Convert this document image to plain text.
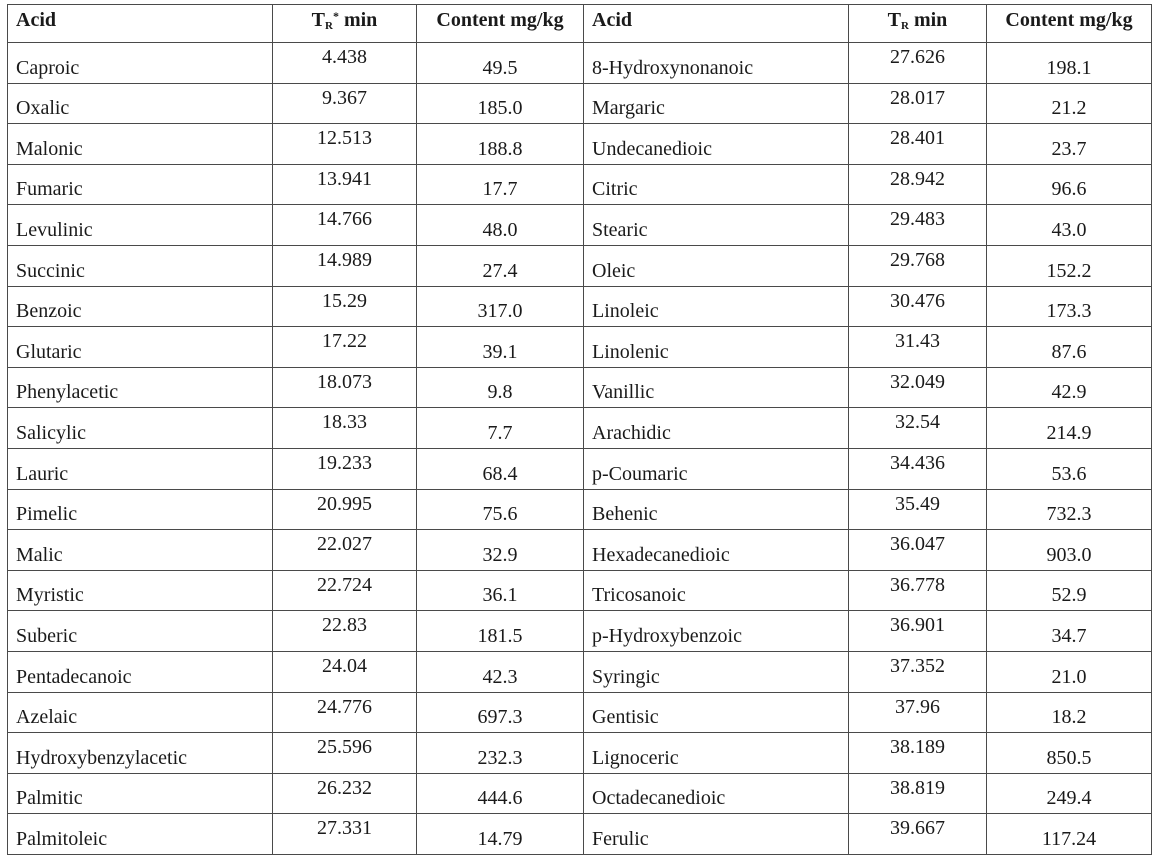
Acid	$T_R^*$ min	Content mg/kg	Acid	$T_R$ min	Content mg/kg
Caproic	4.438	49.5	8-Hydroxynonanoic	27.626	198.1
Oxalic	9.367	185.0	Margaric	28.017	21.2
Malonic	12.513	188.8	Undecanedioic	28.401	23.7
Fumaric	13.941	17.7	Citric	28.942	96.6
Levulinic	14.766	48.0	Stearic	29.483	43.0
Succinic	14.989	27.4	Oleic	29.768	152.2
Benzoic	15.29	317.0	Linoleic	30.476	173.3
Glutaric	17.22	39.1	Linolenic	31.43	87.6
Phenylacetic	18.073	9.8	Vanillic	32.049	42.9
Salicylic	18.33	7.7	Arachidic	32.54	214.9
Lauric	19.233	68.4	p-Coumaric	34.436	53.6
Pimelic	20.995	75.6	Behenic	35.49	732.3
Malic	22.027	32.9	Hexadecanedioic	36.047	903.0
Myristic	22.724	36.1	Tricosanoic	36.778	52.9
Suberic	22.83	181.5	p-Hydroxybenzoic	36.901	34.7
Pentadecanoic	24.04	42.3	Syringic	37.352	21.0
Azelaic	24.776	697.3	Gentisic	37.96	18.2
Hydroxybenzylacetic	25.596	232.3	Lignoceric	38.189	850.5
Palmitic	26.232	444.6	Octadecanedioic	38.819	249.4
Palmitoleic	27.331	14.79	Ferulic	39.667	117.24
